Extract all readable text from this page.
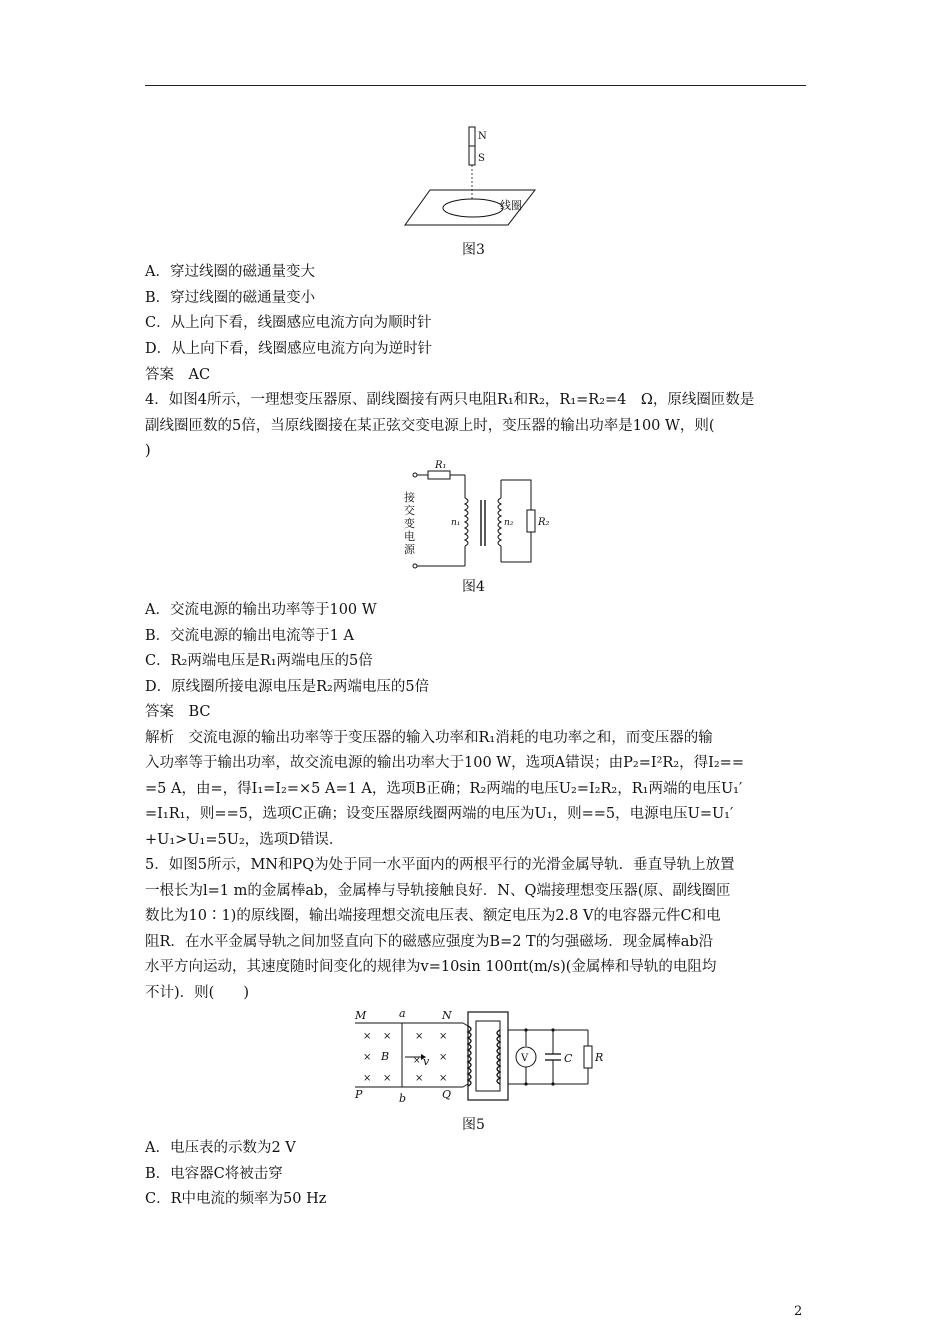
N
S
线圈
图3
A．穿过线圈的磁通量变大
B．穿过线圈的磁通量变小
C．从上向下看，线圈感应电流方向为顺时针
D．从上向下看，线圈感应电流方向为逆时针
答案　AC
4．如图4所示，一理想变压器原、副线圈接有两只电阻R₁和R₂，R₁=R₂=4　Ω，原线圈匝数是
副线圈匝数的5倍，当原线圈接在某正弦交变电源上时，变压器的输出功率是100 W，则(
)
R₁
n₁	n₂ R₂
接
交
变
电
源
图4
A．交流电源的输出功率等于100 W
B．交流电源的输出电流等于1 A
C．R₂两端电压是R₁两端电压的5倍
D．原线圈所接电源电压是R₂两端电压的5倍
答案　BC
解析　交流电源的输出功率等于变压器的输入功率和R₁消耗的电功率之和，而变压器的输
入功率等于输出功率，故交流电源的输出功率大于100 W，选项A错误；由P₂=I²R₂，得I₂==
=5 A，由=，得I₁=I₂=×5 A=1 A，选项B正确；R₂两端的电压U₂=I₂R₂，R₁两端的电压U₁′
=I₁R₁，则==5，选项C正确；设变压器原线圈两端的电压为U₁，则==5，电源电压U=U₁′
+U₁>U₁=5U₂，选项D错误．
5．如图5所示，MN和PQ为处于同一水平面内的两根平行的光滑金属导轨．垂直导轨上放置
一根长为l=1 m的金属棒ab，金属棒与导轨接触良好．N、Q端接理想变压器(原、副线圈匝
数比为10∶1)的原线圈，输出端接理想交流电压表、额定电压为2.8 V的电容器元件C和电
阻R．在水平金属导轨之间加竖直向下的磁感应强度为B=2 T的匀强磁场．现金属棒ab沿
水平方向运动，其速度随时间变化的规律为v=10sin 100πt(m/s)(金属棒和导轨的电阻均
不计)．则(　　)
M	a	N
P	b	Q
× × × ×
×	×
× × × ×
B	× v	V	C R
图5
A．电压表的示数为2 V
B．电容器C将被击穿
C．R中电流的频率为50 Hz
2
